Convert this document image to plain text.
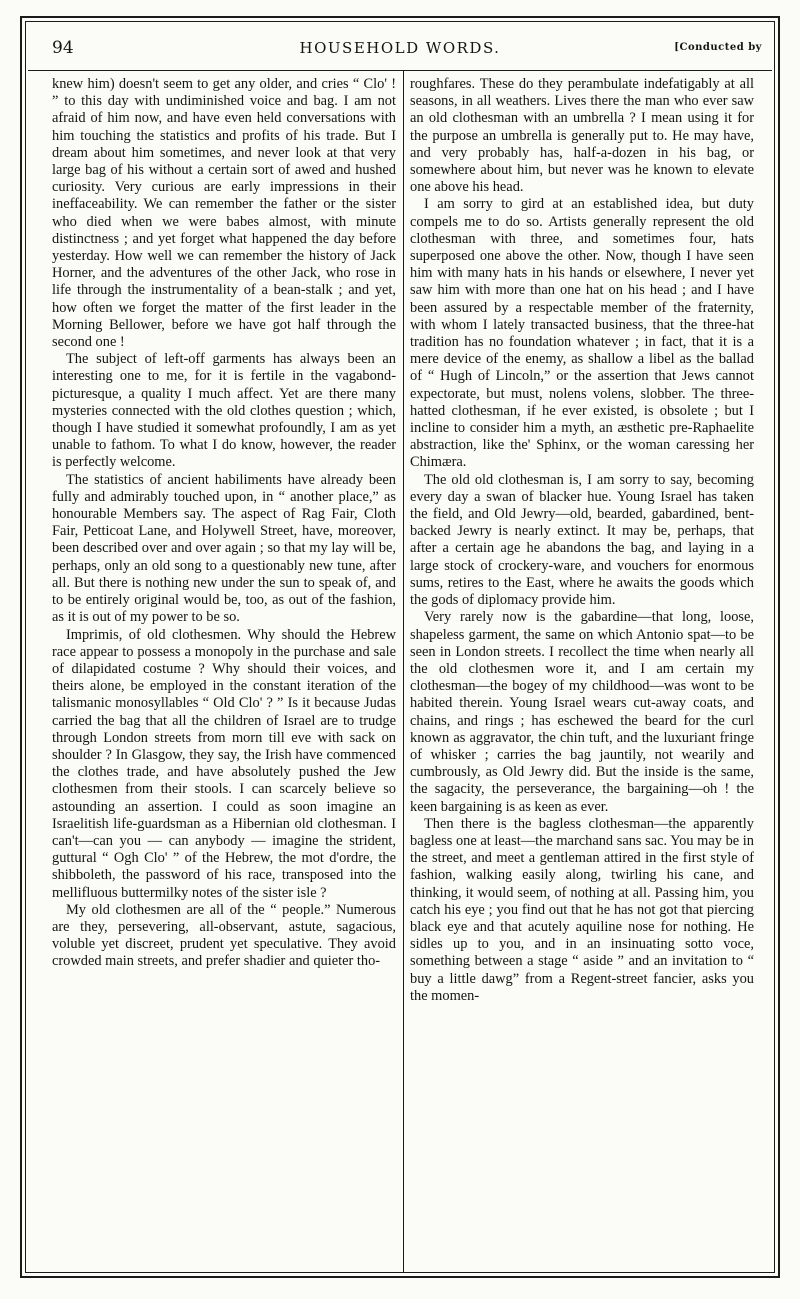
94	HOUSEHOLD WORDS.	[Conducted by

knew him) doesn't seem to get any older, and cries “ Clo' ! ” to this day with undiminished voice and bag. I am not afraid of him now, and have even held conversations with him touching the statistics and profits of his trade. But I dream about him sometimes, and never look at that very large bag of his without a certain sort of awed and hushed curiosity. Very curious are early impressions in their ineffaceability. We can remember the father or the sister who died when we were babes almost, with minute distinctness ; and yet forget what happened the day before yesterday. How well we can remember the history of Jack Horner, and the adventures of the other Jack, who rose in life through the instrumentality of a bean-stalk ; and yet, how often we forget the matter of the first leader in the Morning Bellower, before we have got half through the second one !

The subject of left-off garments has always been an interesting one to me, for it is fertile in the vagabond-picturesque, a quality I much affect. Yet are there many mysteries connected with the old clothes question ; which, though I have studied it somewhat profoundly, I am as yet unable to fathom. To what I do know, however, the reader is perfectly welcome.

The statistics of ancient habiliments have already been fully and admirably touched upon, in “ another place,” as honourable Members say. The aspect of Rag Fair, Cloth Fair, Petticoat Lane, and Holywell Street, have, moreover, been described over and over again ; so that my lay will be, perhaps, only an old song to a questionably new tune, after all. But there is nothing new under the sun to speak of, and to be entirely original would be, too, as out of the fashion, as it is out of my power to be so.

Imprimis, of old clothesmen. Why should the Hebrew race appear to possess a monopoly in the purchase and sale of dilapidated costume ? Why should their voices, and theirs alone, be employed in the constant iteration of the talismanic monosyllables “ Old Clo' ? ” Is it because Judas carried the bag that all the children of Israel are to trudge through London streets from morn till eve with sack on shoulder ? In Glasgow, they say, the Irish have commenced the clothes trade, and have absolutely pushed the Jew clothesmen from their stools. I can scarcely believe so astounding an assertion. I could as soon imagine an Israelitish life-guardsman as a Hibernian old clothesman. I can't—can you — can anybody — imagine the strident, guttural “ Ogh Clo' ” of the Hebrew, the mot d'ordre, the shibboleth, the password of his race, transposed into the mellifluous buttermilky notes of the sister isle ?

My old clothesmen are all of the “ people.” Numerous are they, persevering, all-observant, astute, sagacious, voluble yet discreet, prudent yet speculative. They avoid crowded main streets, and prefer shadier and quieter tho-

roughfares. These do they perambulate indefatigably at all seasons, in all weathers. Lives there the man who ever saw an old clothesman with an umbrella ? I mean using it for the purpose an umbrella is generally put to. He may have, and very probably has, half-a-dozen in his bag, or somewhere about him, but never was he known to elevate one above his head.

I am sorry to gird at an established idea, but duty compels me to do so. Artists generally represent the old clothesman with three, and sometimes four, hats superposed one above the other. Now, though I have seen him with many hats in his hands or elsewhere, I never yet saw him with more than one hat on his head ; and I have been assured by a respectable member of the fraternity, with whom I lately transacted business, that the three-hat tradition has no foundation whatever ; in fact, that it is a mere device of the enemy, as shallow a libel as the ballad of “ Hugh of Lincoln,” or the assertion that Jews cannot expectorate, but must, nolens volens, slobber. The three-hatted clothesman, if he ever existed, is obsolete ; but I incline to consider him a myth, an æsthetic pre-Raphaelite abstraction, like the' Sphinx, or the woman caressing her Chimæra.

The old old clothesman is, I am sorry to say, becoming every day a swan of blacker hue. Young Israel has taken the field, and Old Jewry—old, bearded, gabardined, bent-backed Jewry is nearly extinct. It may be, perhaps, that after a certain age he abandons the bag, and laying in a large stock of crockery-ware, and vouchers for enormous sums, retires to the East, where he awaits the goods which the gods of diplomacy provide him.

Very rarely now is the gabardine—that long, loose, shapeless garment, the same on which Antonio spat—to be seen in London streets. I recollect the time when nearly all the old clothesmen wore it, and I am certain my clothesman—the bogey of my childhood—was wont to be habited therein. Young Israel wears cut-away coats, and chains, and rings ; has eschewed the beard for the curl known as aggravator, the chin tuft, and the luxuriant fringe of whisker ; carries the bag jauntily, not wearily and cumbrously, as Old Jewry did. But the inside is the same, the sagacity, the perseverance, the bargaining—oh ! the keen bargaining is as keen as ever.

Then there is the bagless clothesman—the apparently bagless one at least—the marchand sans sac. You may be in the street, and meet a gentleman attired in the first style of fashion, walking easily along, twirling his cane, and thinking, it would seem, of nothing at all. Passing him, you catch his eye ; you find out that he has not got that piercing black eye and that acutely aquiline nose for nothing. He sidles up to you, and in an insinuating sotto voce, something between a stage “ aside ” and an invitation to “ buy a little dawg” from a Regent-street fancier, asks you the momen-
